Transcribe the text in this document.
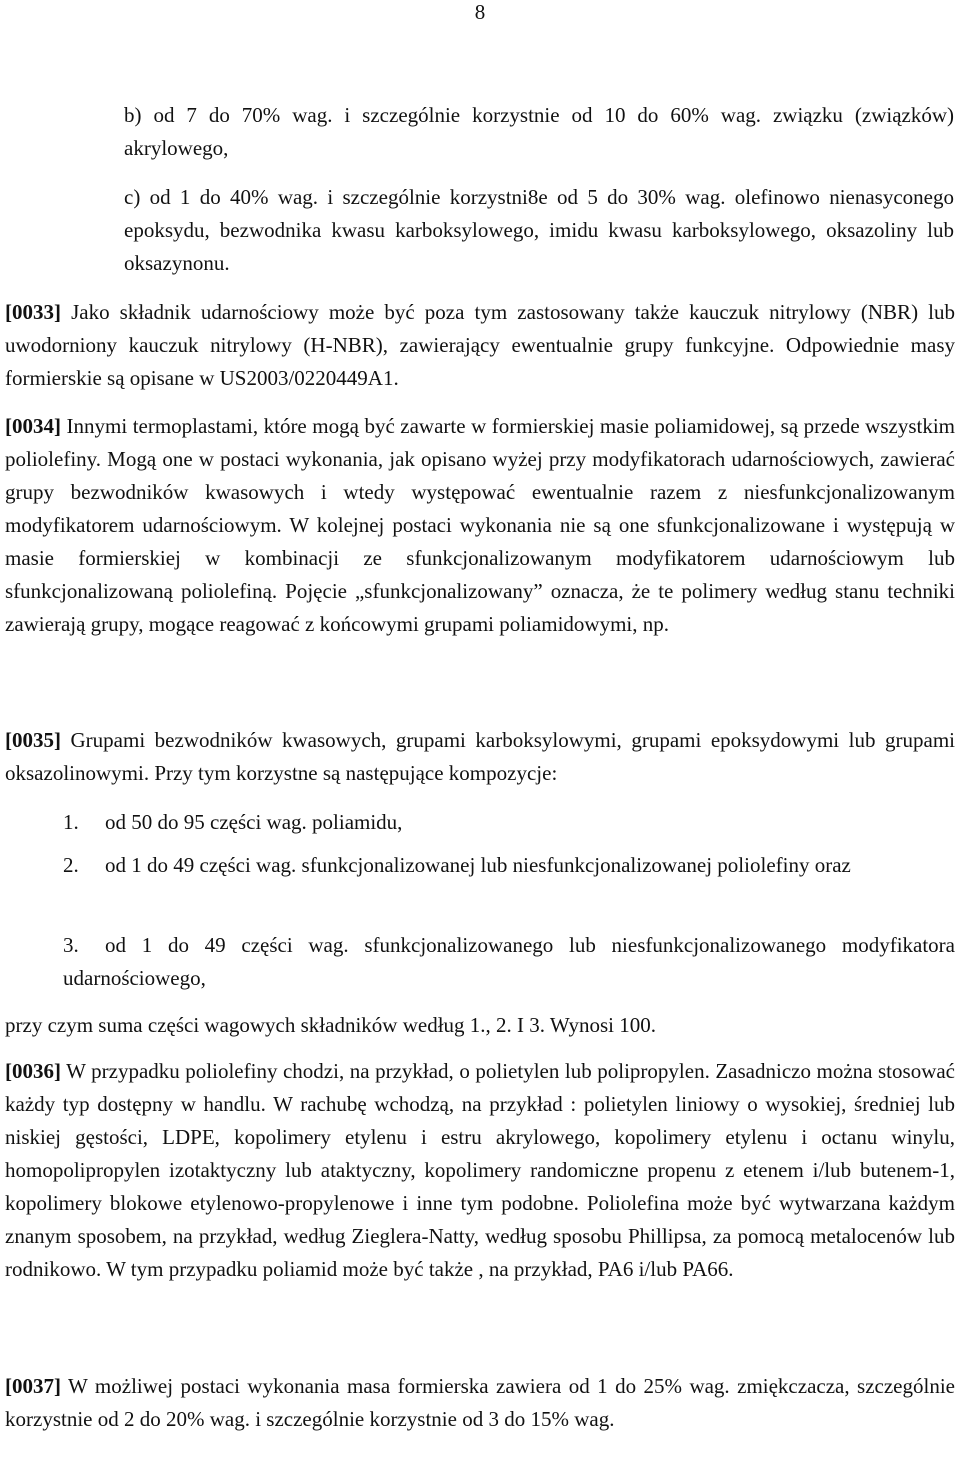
8

b) od 7 do 70% wag. i szczególnie korzystnie od 10 do 60% wag. związku (związków) akrylowego,

c) od 1 do 40% wag. i szczególnie korzystni8e od 5 do 30% wag. olefinowo nienasyconego epoksydu, bezwodnika kwasu karboksylowego, imidu kwasu karboksylowego, oksazoliny lub oksazynonu.

[0033] Jako składnik udarnościowy może być poza tym zastosowany także kauczuk nitrylowy (NBR) lub uwodorniony kauczuk nitrylowy (H-NBR), zawierający ewentualnie grupy funkcyjne. Odpowiednie masy formierskie są opisane w US2003/0220449A1.

[0034] Innymi termoplastami, które mogą być zawarte w formierskiej masie poliamidowej, są przede wszystkim poliolefiny. Mogą one w postaci wykonania, jak opisano wyżej przy modyfikatorach udarnościowych, zawierać grupy bezwodników kwasowych i wtedy występować ewentualnie razem z niesfunkcjonalizowanym modyfikatorem udarnościowym. W kolejnej postaci wykonania nie są one sfunkcjonalizowane i występują w masie formierskiej w kombinacji ze sfunkcjonalizowanym modyfikatorem udarnościowym lub sfunkcjonalizowaną poliolefiną. Pojęcie „sfunkcjonalizowany” oznacza, że te polimery według stanu techniki zawierają grupy, mogące reagować z końcowymi grupami poliamidowymi, np.

[0035] Grupami bezwodników kwasowych, grupami karboksylowymi, grupami epoksydowymi lub grupami oksazolinowymi. Przy tym korzystne są następujące kompozycje:

1. od 50 do 95 części wag. poliamidu,

2. od 1 do 49 części wag. sfunkcjonalizowanej lub niesfunkcjonalizowanej poliolefiny oraz

3. od 1 do 49 części wag. sfunkcjonalizowanego lub niesfunkcjonalizowanego modyfikatora udarnościowego,

przy czym suma części wagowych składników według 1., 2. I 3. Wynosi 100.

[0036] W przypadku poliolefiny chodzi, na przykład, o polietylen lub polipropylen. Zasadniczo można stosować każdy typ dostępny w handlu. W rachubę wchodzą, na przykład : polietylen liniowy o wysokiej, średniej lub niskiej gęstości, LDPE, kopolimery etylenu i estru akrylowego, kopolimery etylenu i octanu winylu, homopolipropylen izotaktyczny lub ataktyczny, kopolimery randomiczne propenu z etenem i/lub butenem-1, kopolimery blokowe etylenowo-propylenowe i inne tym podobne. Poliolefina może być wytwarzana każdym znanym sposobem, na przykład, według Zieglera-Natty, według sposobu Phillipsa, za pomocą metalocenów lub rodnikowo. W tym przypadku poliamid może być także , na przykład, PA6 i/lub PA66.

[0037] W możliwej postaci wykonania masa formierska zawiera od 1 do 25% wag. zmiękczacza, szczególnie korzystnie od 2 do 20% wag. i szczególnie korzystnie od 3 do 15% wag.
